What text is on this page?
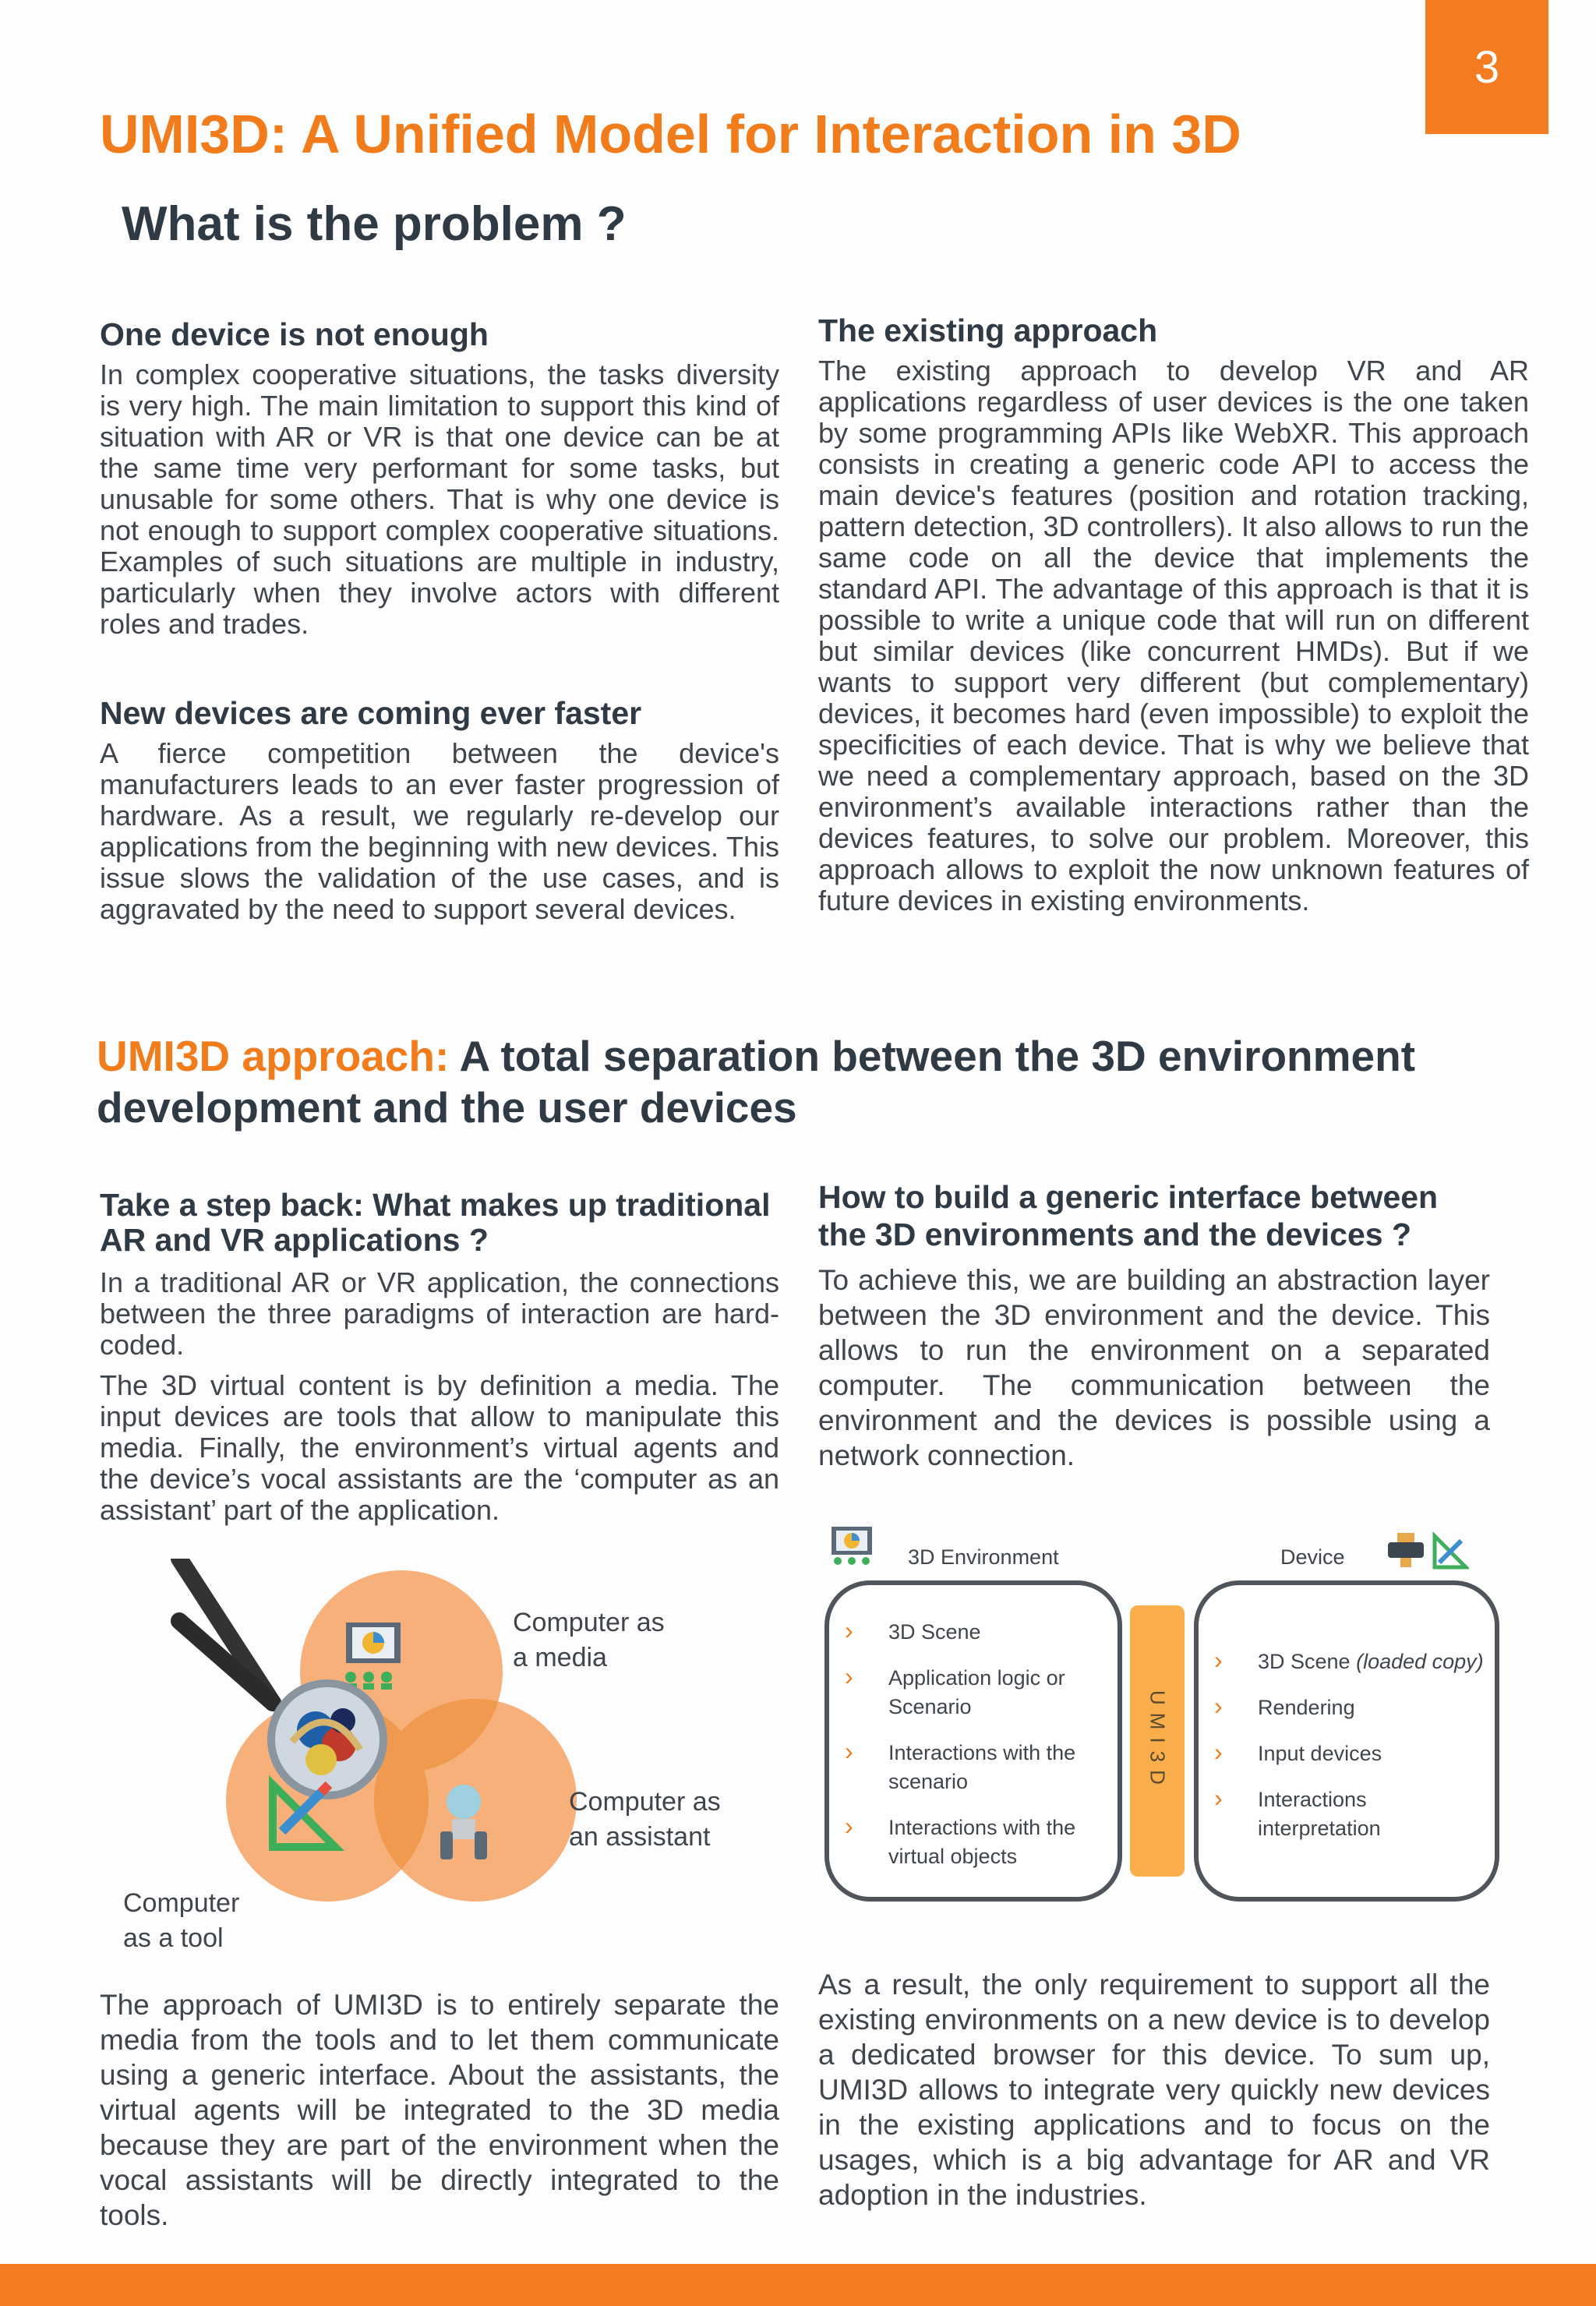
3
UMI3D: A Unified Model for Interaction in 3D
What is the problem ?
One device is not enough
In complex cooperative situations, the tasks diversity is very high. The main limitation to support this kind of situation with AR or VR is that one device can be at the same time very performant for some tasks, but unusable for some others. That is why one device is not enough to support complex cooperative situations. Examples of such situations are multiple in industry, particularly when they involve actors with different roles and trades.
New devices are coming ever faster
A fierce competition between the device's manufacturers leads to an ever faster progression of hardware. As a result, we regularly re-develop our applications from the beginning with new devices. This issue slows the validation of the use cases, and is aggravated by the need to support several devices.
The existing approach
The existing approach to develop VR and AR applications regardless of user devices is the one taken by some programming APIs like WebXR. This approach consists in creating a generic code API to access the main device's features (position and rotation tracking, pattern detection, 3D controllers). It also allows to run the same code on all the device that implements the standard API. The advantage of this approach is that it is possible to write a unique code that will run on different but similar devices (like concurrent HMDs). But if we wants to support very different (but complementary) devices, it becomes hard (even impossible) to exploit the specificities of each device. That is why we believe that we need a complementary approach, based on the 3D environment’s available interactions rather than the devices features, to solve our problem. Moreover, this approach allows to exploit the now unknown features of future devices in existing environments.
UMI3D approach: A total separation between the 3D environment development and the user devices
Take a step back: What makes up traditional AR and VR applications ?
In a traditional AR or VR application, the connections between the three paradigms of interaction are hard-coded.
The 3D virtual content is by definition a media. The input devices are tools that allow to manipulate this media. Finally, the environment’s virtual agents and the device’s vocal assistants are the ‘computer as an assistant’ part of the application.
Computer as a media
Computer as an assistant
Computer as a tool
The approach of UMI3D is to entirely separate the media from the tools and to let them communicate using a generic interface. About the assistants, the virtual agents will be integrated to the 3D media because they are part of the environment when the vocal assistants will be directly integrated to the tools.
How to build a generic interface between the 3D environments and the devices ?
To achieve this, we are building an abstraction layer between the 3D environment and the device. This allows to run the environment on a separated computer. The communication between the environment and the devices is possible using a network connection.
3D Environment	Device
› 3D Scene
› Application logic or Scenario
› Interactions with the scenario
› Interactions with the virtual objects
UMI3D
› 3D Scene (loaded copy)
› Rendering
› Input devices
› Interactions interpretation
As a result, the only requirement to support all the existing environments on a new device is to develop a dedicated browser for this device. To sum up, UMI3D allows to integrate very quickly new devices in the existing applications and to focus on the usages, which is a big advantage for AR and VR adoption in the industries.
